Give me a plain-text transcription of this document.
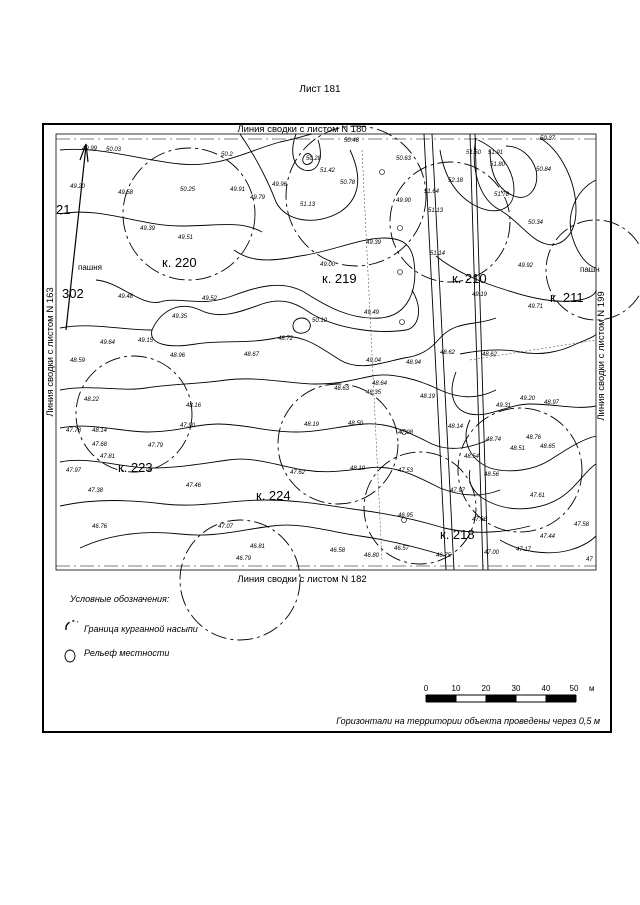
Лист 181
Линия сводки с листом N 180
Линия сводки с листом N 182
Линия сводки с листом N 163	Линия сводки с листом N 199
21
302
пашня	пашн
к. 220
к. 219	к. 210
к. 211
к. 223
к. 224
к. 218
49.99 50.03
50.2
50.28
50.48
50.63
51.50 51.91
50.37
51.42
50.78
51.80
52.18
50.84
49.20
49.58	50.25	49.91
49.96
49.79
51.13
49.90
51.64	51.78
49.39
49.51
50.34
51.13
49.39
51.14
49.00	49.92
49.48	49.52
49.19
49.71
49.35
50.10
49.49
48.72
49.15
49.64
48.59
48.96	48.67
49.04	48.94
48.62
48.63
48.62
48.22
48.64
48.35
48.19
48.16	49.31
49.20
48.97
48.14
47.90	48.19	48.50
47.98
48.14
48.74	48.76
47.78
47.68	47.79
48.54
48.51 48.65
47.81
47.97
47.46
47.62
48.10	47.53
48.56
47.38	47.97
47.61
47.07
46.76
46.95
47.66
47.58
46.81
46.58	46.57
47.00	47.17
46.79	46.80	46.75
47.44
47
Условные обозначения:
Граница курганной насыпи
Рельеф местности
0	10	20	30	40 50 м
Горизонтали на территории объекта проведены через 0,5 м
